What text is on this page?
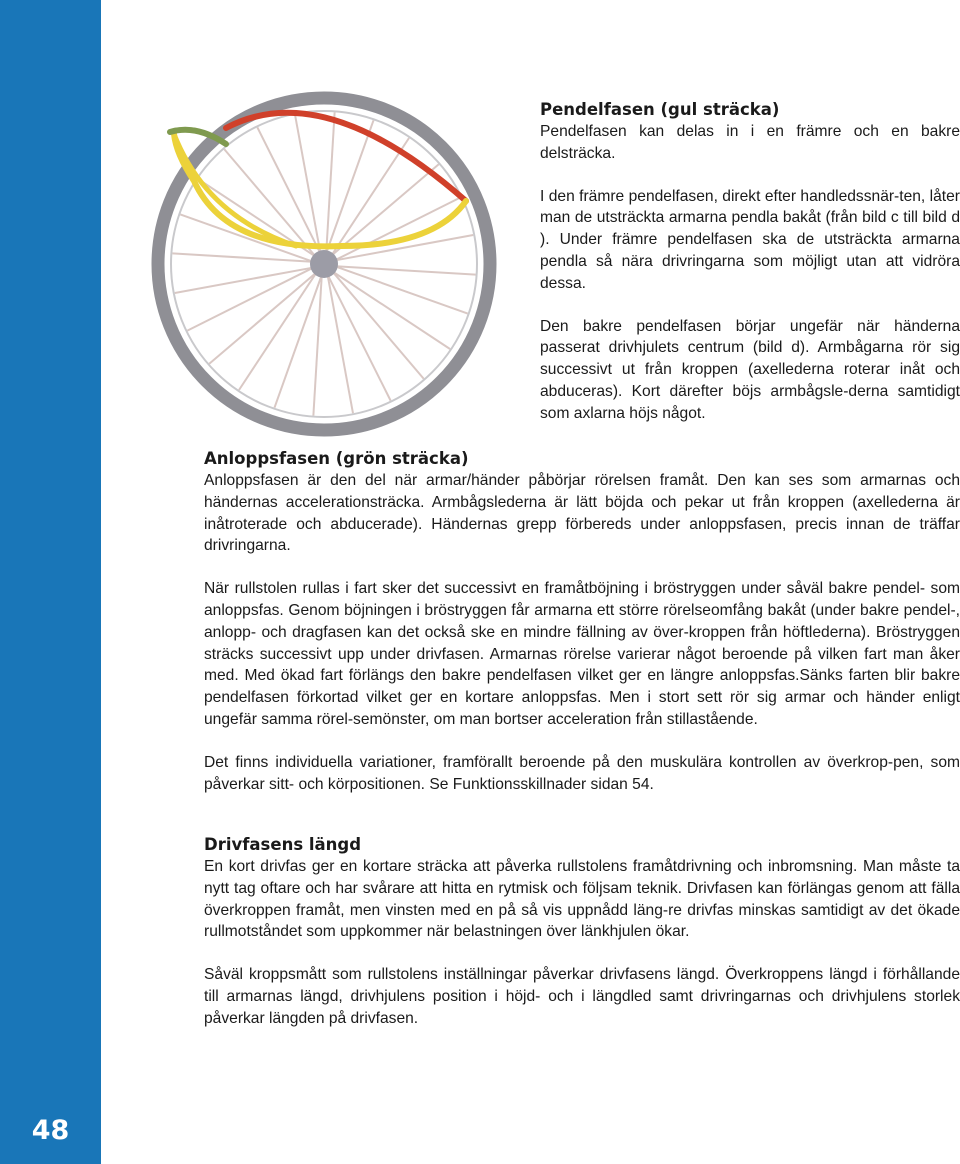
48
Pendelfasen (gul sträcka)

Pendelfasen kan delas in i en främre och en bakre delsträcka.

I den främre pendelfasen, direkt efter handledssnär-ten, låter man de utsträckta armarna pendla bakåt (från bild c till bild d ). Under främre pendelfasen ska de utsträckta armarna pendla så nära drivringarna som möjligt utan att vidröra dessa.

Den bakre pendelfasen börjar ungefär när händerna passerat drivhjulets centrum (bild d). Armbågarna rör sig successivt ut från kroppen (axellederna roterar inåt och abduceras). Kort därefter böjs armbågsle-derna samtidigt som axlarna höjs något.

Anloppsfasen (grön sträcka)

Anloppsfasen är den del när armar/händer påbörjar rörelsen framåt. Den kan ses som armarnas och händernas accelerationsträcka. Armbågslederna är lätt böjda och pekar ut från kroppen (axellederna är inåtroterade och abducerade). Händernas grepp förbereds under anloppsfasen, precis innan de träffar drivringarna.

När rullstolen rullas i fart sker det successivt en framåtböjning i bröstryggen under såväl bakre pendel- som anloppsfas. Genom böjningen i bröstryggen får armarna ett större rörelseomfång bakåt (under bakre pendel-, anlopp- och dragfasen kan det också ske en mindre fällning av över-kroppen från höftlederna). Bröstryggen sträcks successivt upp under drivfasen. Armarnas rörelse varierar något beroende på vilken fart man åker med. Med ökad fart förlängs den bakre pendelfasen vilket ger en längre anloppsfas.Sänks farten blir bakre pendelfasen förkortad vilket ger en kortare anloppsfas. Men i stort sett rör sig armar och händer enligt ungefär samma rörel-semönster, om man bortser acceleration från stillastående.

Det finns individuella variationer, framförallt beroende på den muskulära kontrollen av överkrop-pen, som påverkar sitt- och körpositionen. Se Funktionsskillnader sidan 54.

Drivfasens längd

En kort drivfas ger en kortare sträcka att påverka rullstolens framåtdrivning och inbromsning. Man måste ta nytt tag oftare och har svårare att hitta en rytmisk och följsam teknik. Drivfasen kan förlängas genom att fälla överkroppen framåt, men vinsten med en på så vis uppnådd läng-re drivfas minskas samtidigt av det ökade rullmotståndet som uppkommer när belastningen över länkhjulen ökar.

Såväl kroppsmått som rullstolens inställningar påverkar drivfasens längd. Överkroppens längd i förhållande till armarnas längd, drivhjulens position i höjd- och i längdled samt drivringarnas och drivhjulens storlek påverkar längden på drivfasen.
